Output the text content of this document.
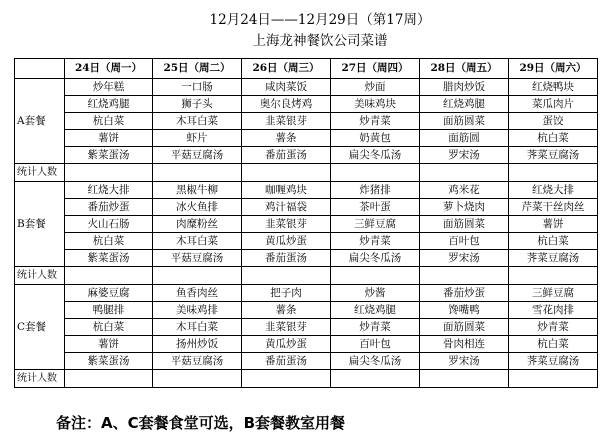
12月24日——12月29日（第17周）
上海龙神餐饮公司菜谱
	24日（周一）	25日（周二）	26日（周三）	27日（周四）	28日（周五）	29日（周六）
A套餐	炒年糕	一口肠	咸肉菜饭	炒面	腊肉炒饭	红烧鸭块
	红烧鸡腿	狮子头	奥尔良烤鸡	美味鸡块	红烧鸡腿	菜瓜肉片
	杭白菜	木耳白菜	韭菜银芽	炒青菜	面筋圆菜	蛋饺
	薯饼	虾片	薯条	奶黄包	面筋圆	杭白菜
	紫菜蛋汤	平菇豆腐汤	番茄蛋汤	扁尖冬瓜汤	罗宋汤	荠菜豆腐汤
统计人数						
B套餐	红烧大排	黑椒牛柳	咖喱鸡块	炸猪排	鸡米花	红烧大排
	番茄炒蛋	冰火鱼排	鸡汁福袋	茶叶蛋	萝卜烧肉	芹菜干丝肉丝
	火山石肠	肉糜粉丝	韭菜银芽	三鲜豆腐	面筋圆菜	薯饼
	杭白菜	木耳白菜	黄瓜炒蛋	炒青菜	百叶包	杭白菜
	紫菜蛋汤	平菇豆腐汤	番茄蛋汤	扁尖冬瓜汤	罗宋汤	荠菜豆腐汤
统计人数						
C套餐	麻婆豆腐	鱼香肉丝	把子肉	炒酱	番茄炒蛋	三鲜豆腐
	鸭腿排	美味鸡排	薯条	红烧鸡腿	馋嘴鸭	雪花肉排
	杭白菜	木耳白菜	韭菜银芽	炒青菜	面筋圆菜	炒青菜
	薯饼	扬州炒饭	黄瓜炒蛋	百叶包	骨肉相连	杭白菜
	紫菜蛋汤	平菇豆腐汤	番茄蛋汤	扁尖冬瓜汤	罗宋汤	荠菜豆腐汤
统计人数						
备注：A、C套餐食堂可选，B套餐教室用餐
